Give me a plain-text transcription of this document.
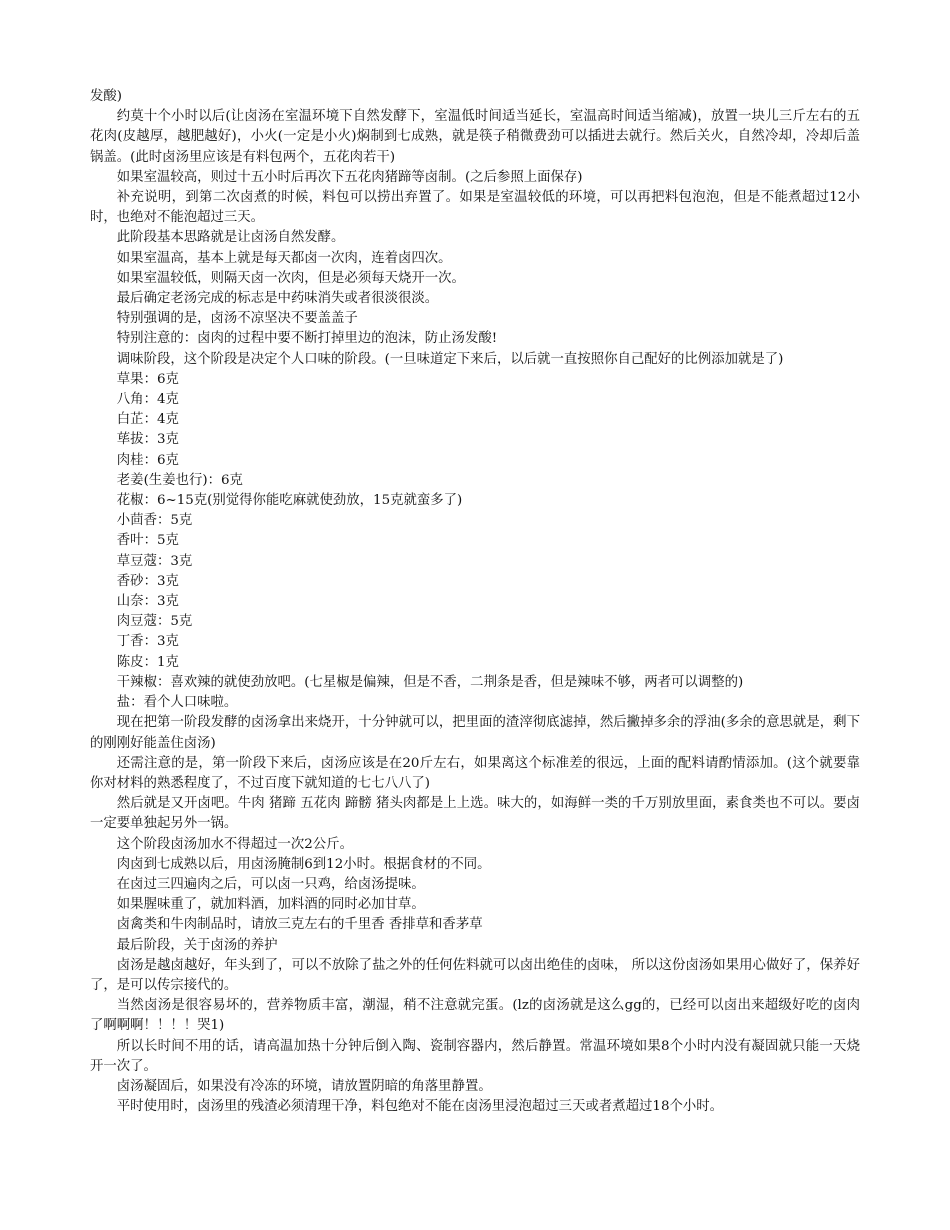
发酸)

约莫十个小时以后(让卤汤在室温环境下自然发酵下，室温低时间适当延长，室温高时间适当缩减)，放置一块儿三斤左右的五花肉(皮越厚，越肥越好)，小火(一定是小火)焖制到七成熟，就是筷子稍微费劲可以插进去就行。然后关火，自然冷却，冷却后盖锅盖。(此时卤汤里应该是有料包两个，五花肉若干)

如果室温较高，则过十五小时后再次下五花肉猪蹄等卤制。(之后参照上面保存)

补充说明，到第二次卤煮的时候，料包可以捞出弃置了。如果是室温较低的环境，可以再把料包泡泡，但是不能煮超过12小时，也绝对不能泡超过三天。

此阶段基本思路就是让卤汤自然发酵。

如果室温高，基本上就是每天都卤一次肉，连着卤四次。

如果室温较低，则隔天卤一次肉，但是必须每天烧开一次。

最后确定老汤完成的标志是中药味消失或者很淡很淡。

特别强调的是，卤汤不凉坚决不要盖盖子

特别注意的：卤肉的过程中要不断打掉里边的泡沫，防止汤发酸!

调味阶段，这个阶段是决定个人口味的阶段。(一旦味道定下来后，以后就一直按照你自己配好的比例添加就是了)

草果：6克

八角：4克

白芷：4克

荜拔：3克

肉桂：6克

老姜(生姜也行)：6克

花椒：6~15克(别觉得你能吃麻就使劲放，15克就蛮多了)

小茴香：5克

香叶：5克

草豆蔻：3克

香砂：3克

山奈：3克

肉豆蔻：5克

丁香：3克

陈皮：1克

干辣椒：喜欢辣的就使劲放吧。(七星椒是偏辣，但是不香，二荆条是香，但是辣味不够，两者可以调整的)

盐：看个人口味啦。

现在把第一阶段发酵的卤汤拿出来烧开，十分钟就可以，把里面的渣滓彻底滤掉，然后撇掉多余的浮油(多余的意思就是，剩下的刚刚好能盖住卤汤)

还需注意的是，第一阶段下来后，卤汤应该是在20斤左右，如果离这个标准差的很远，上面的配料请酌情添加。(这个就要靠你对材料的熟悉程度了，不过百度下就知道的七七八八了)

然后就是又开卤吧。牛肉 猪蹄 五花肉 蹄髈 猪头肉都是上上选。味大的，如海鲜一类的千万别放里面，素食类也不可以。要卤一定要单独起另外一锅。

这个阶段卤汤加水不得超过一次2公斤。

肉卤到七成熟以后，用卤汤腌制6到12小时。根据食材的不同。

在卤过三四遍肉之后，可以卤一只鸡，给卤汤提味。

如果腥味重了，就加料酒，加料酒的同时必加甘草。

卤禽类和牛肉制品时，请放三克左右的千里香 香排草和香茅草

最后阶段，关于卤汤的养护

卤汤是越卤越好，年头到了，可以不放除了盐之外的任何佐料就可以卤出绝佳的卤味， 所以这份卤汤如果用心做好了，保养好了，是可以传宗接代的。

当然卤汤是很容易坏的，营养物质丰富，潮湿，稍不注意就完蛋。(lz的卤汤就是这么gg的，已经可以卤出来超级好吃的卤肉了啊啊啊！！！！哭1)

所以长时间不用的话，请高温加热十分钟后倒入陶、瓷制容器内，然后静置。常温环境如果8个小时内没有凝固就只能一天烧开一次了。

卤汤凝固后，如果没有冷冻的环境，请放置阴暗的角落里静置。

平时使用时，卤汤里的残渣必须清理干净，料包绝对不能在卤汤里浸泡超过三天或者煮超过18个小时。
